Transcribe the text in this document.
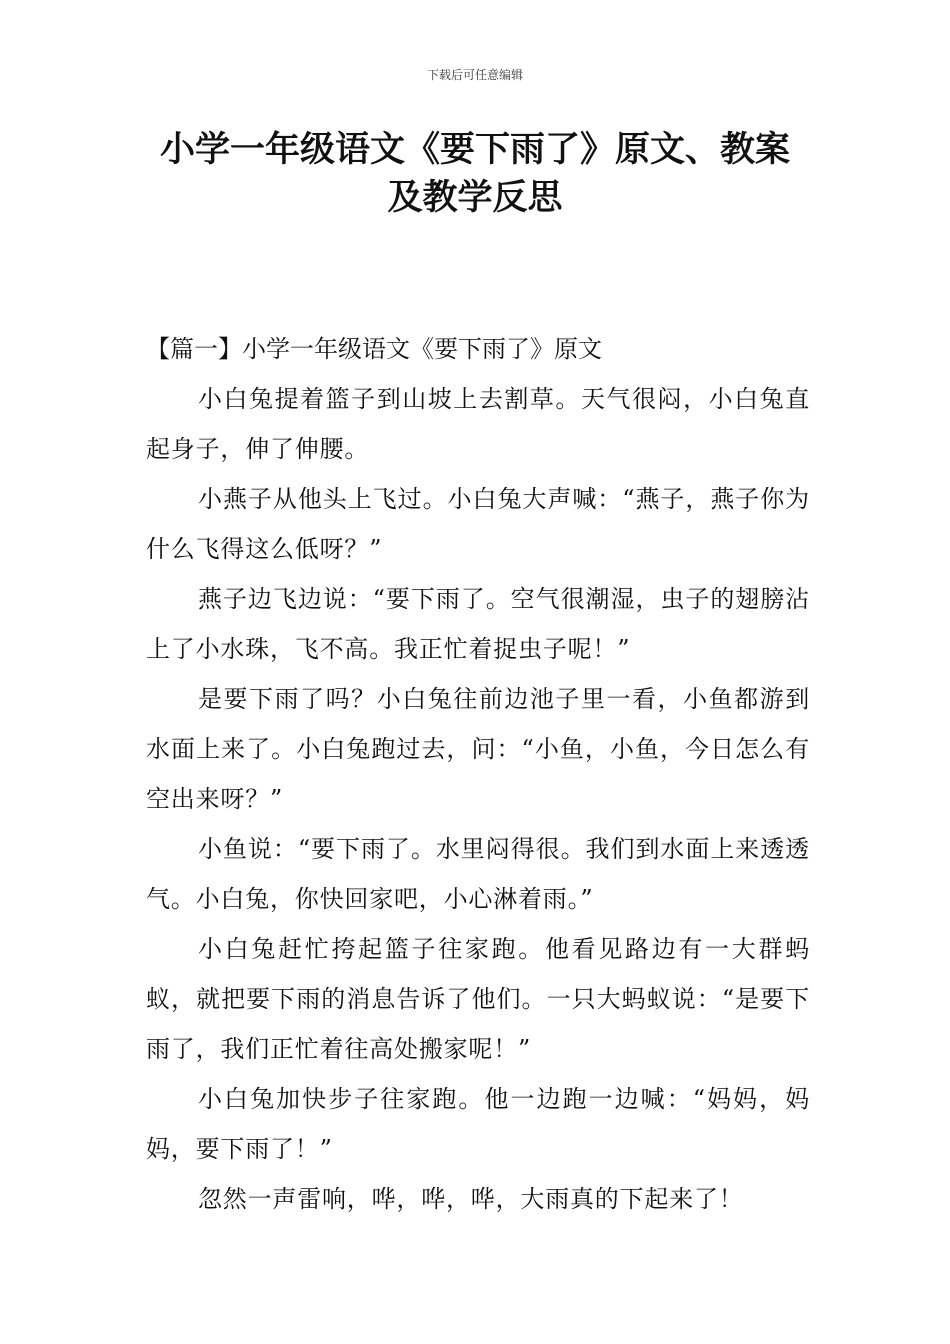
下载后可任意编辑
小学一年级语文《要下雨了》原文、教案
及教学反思

【篇一】小学一年级语文《要下雨了》原文

小白兔提着篮子到山坡上去割草。天气很闷，小白兔直起身子，伸了伸腰。

小燕子从他头上飞过。小白兔大声喊：“燕子，燕子你为什么飞得这么低呀？”

燕子边飞边说：“要下雨了。空气很潮湿，虫子的翅膀沾上了小水珠，飞不高。我正忙着捉虫子呢！”

是要下雨了吗？小白兔往前边池子里一看，小鱼都游到水面上来了。小白兔跑过去，问：“小鱼，小鱼，今日怎么有空出来呀？”

小鱼说：“要下雨了。水里闷得很。我们到水面上来透透气。小白兔，你快回家吧，小心淋着雨。”

小白兔赶忙挎起篮子往家跑。他看见路边有一大群蚂蚁，就把要下雨的消息告诉了他们。一只大蚂蚁说：“是要下雨了，我们正忙着往高处搬家呢！”

小白兔加快步子往家跑。他一边跑一边喊：“妈妈，妈妈，要下雨了！”

忽然一声雷响，哗，哗，哗，大雨真的下起来了！
